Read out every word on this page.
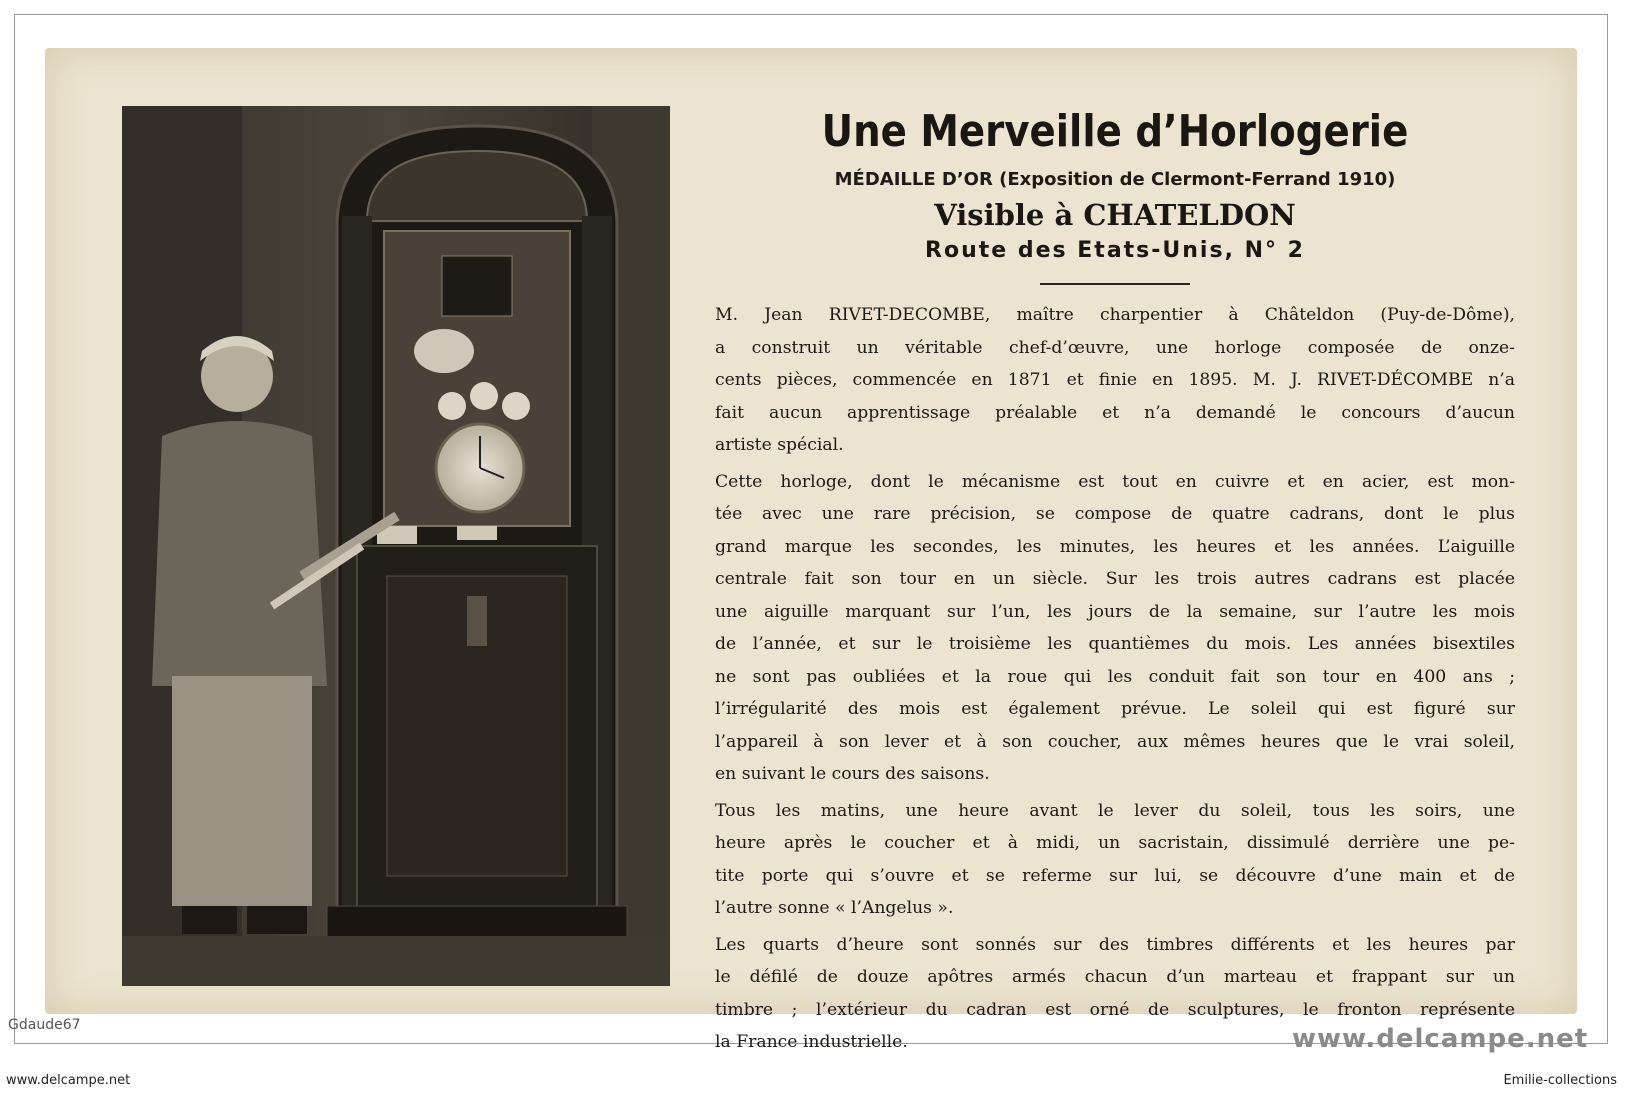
Une Merveille d’Horlogerie
MÉDAILLE D’OR (Exposition de Clermont-Ferrand 1910)
Visible à CHATELDON
Route des Etats-Unis, N° 2
M. Jean RIVET-DECOMBE, maître charpentier à Châteldon (Puy-de-Dôme),
a construit un véritable chef-d’œuvre, une horloge composée de onze-
cents pièces, commencée en 1871 et finie en 1895. M. J. RIVET-DÉCOMBE n’a
fait aucun apprentissage préalable et n’a demandé le concours d’aucun
artiste spécial.
Cette horloge, dont le mécanisme est tout en cuivre et en acier, est mon-
tée avec une rare précision, se compose de quatre cadrans, dont le plus
grand marque les secondes, les minutes, les heures et les années. L’aiguille
centrale fait son tour en un siècle. Sur les trois autres cadrans est placée
une aiguille marquant sur l’un, les jours de la semaine, sur l’autre les mois
de l’année, et sur le troisième les quantièmes du mois. Les années bisextiles
ne sont pas oubliées et la roue qui les conduit fait son tour en 400 ans ;
l’irrégularité des mois est également prévue. Le soleil qui est figuré sur
l’appareil à son lever et à son coucher, aux mêmes heures que le vrai soleil,
en suivant le cours des saisons.
Tous les matins, une heure avant le lever du soleil, tous les soirs, une
heure après le coucher et à midi, un sacristain, dissimulé derrière une pe-
tite porte qui s’ouvre et se referme sur lui, se découvre d’une main et de
l’autre sonne « l’Angelus ».
Les quarts d’heure sont sonnés sur des timbres différents et les heures par
le défilé de douze apôtres armés chacun d’un marteau et frappant sur un
timbre ; l’extérieur du cadran est orné de sculptures, le fronton représente
la France industrielle.
Gdaude67	www.delcampe.net
www.delcampe.net	Emilie-collections
